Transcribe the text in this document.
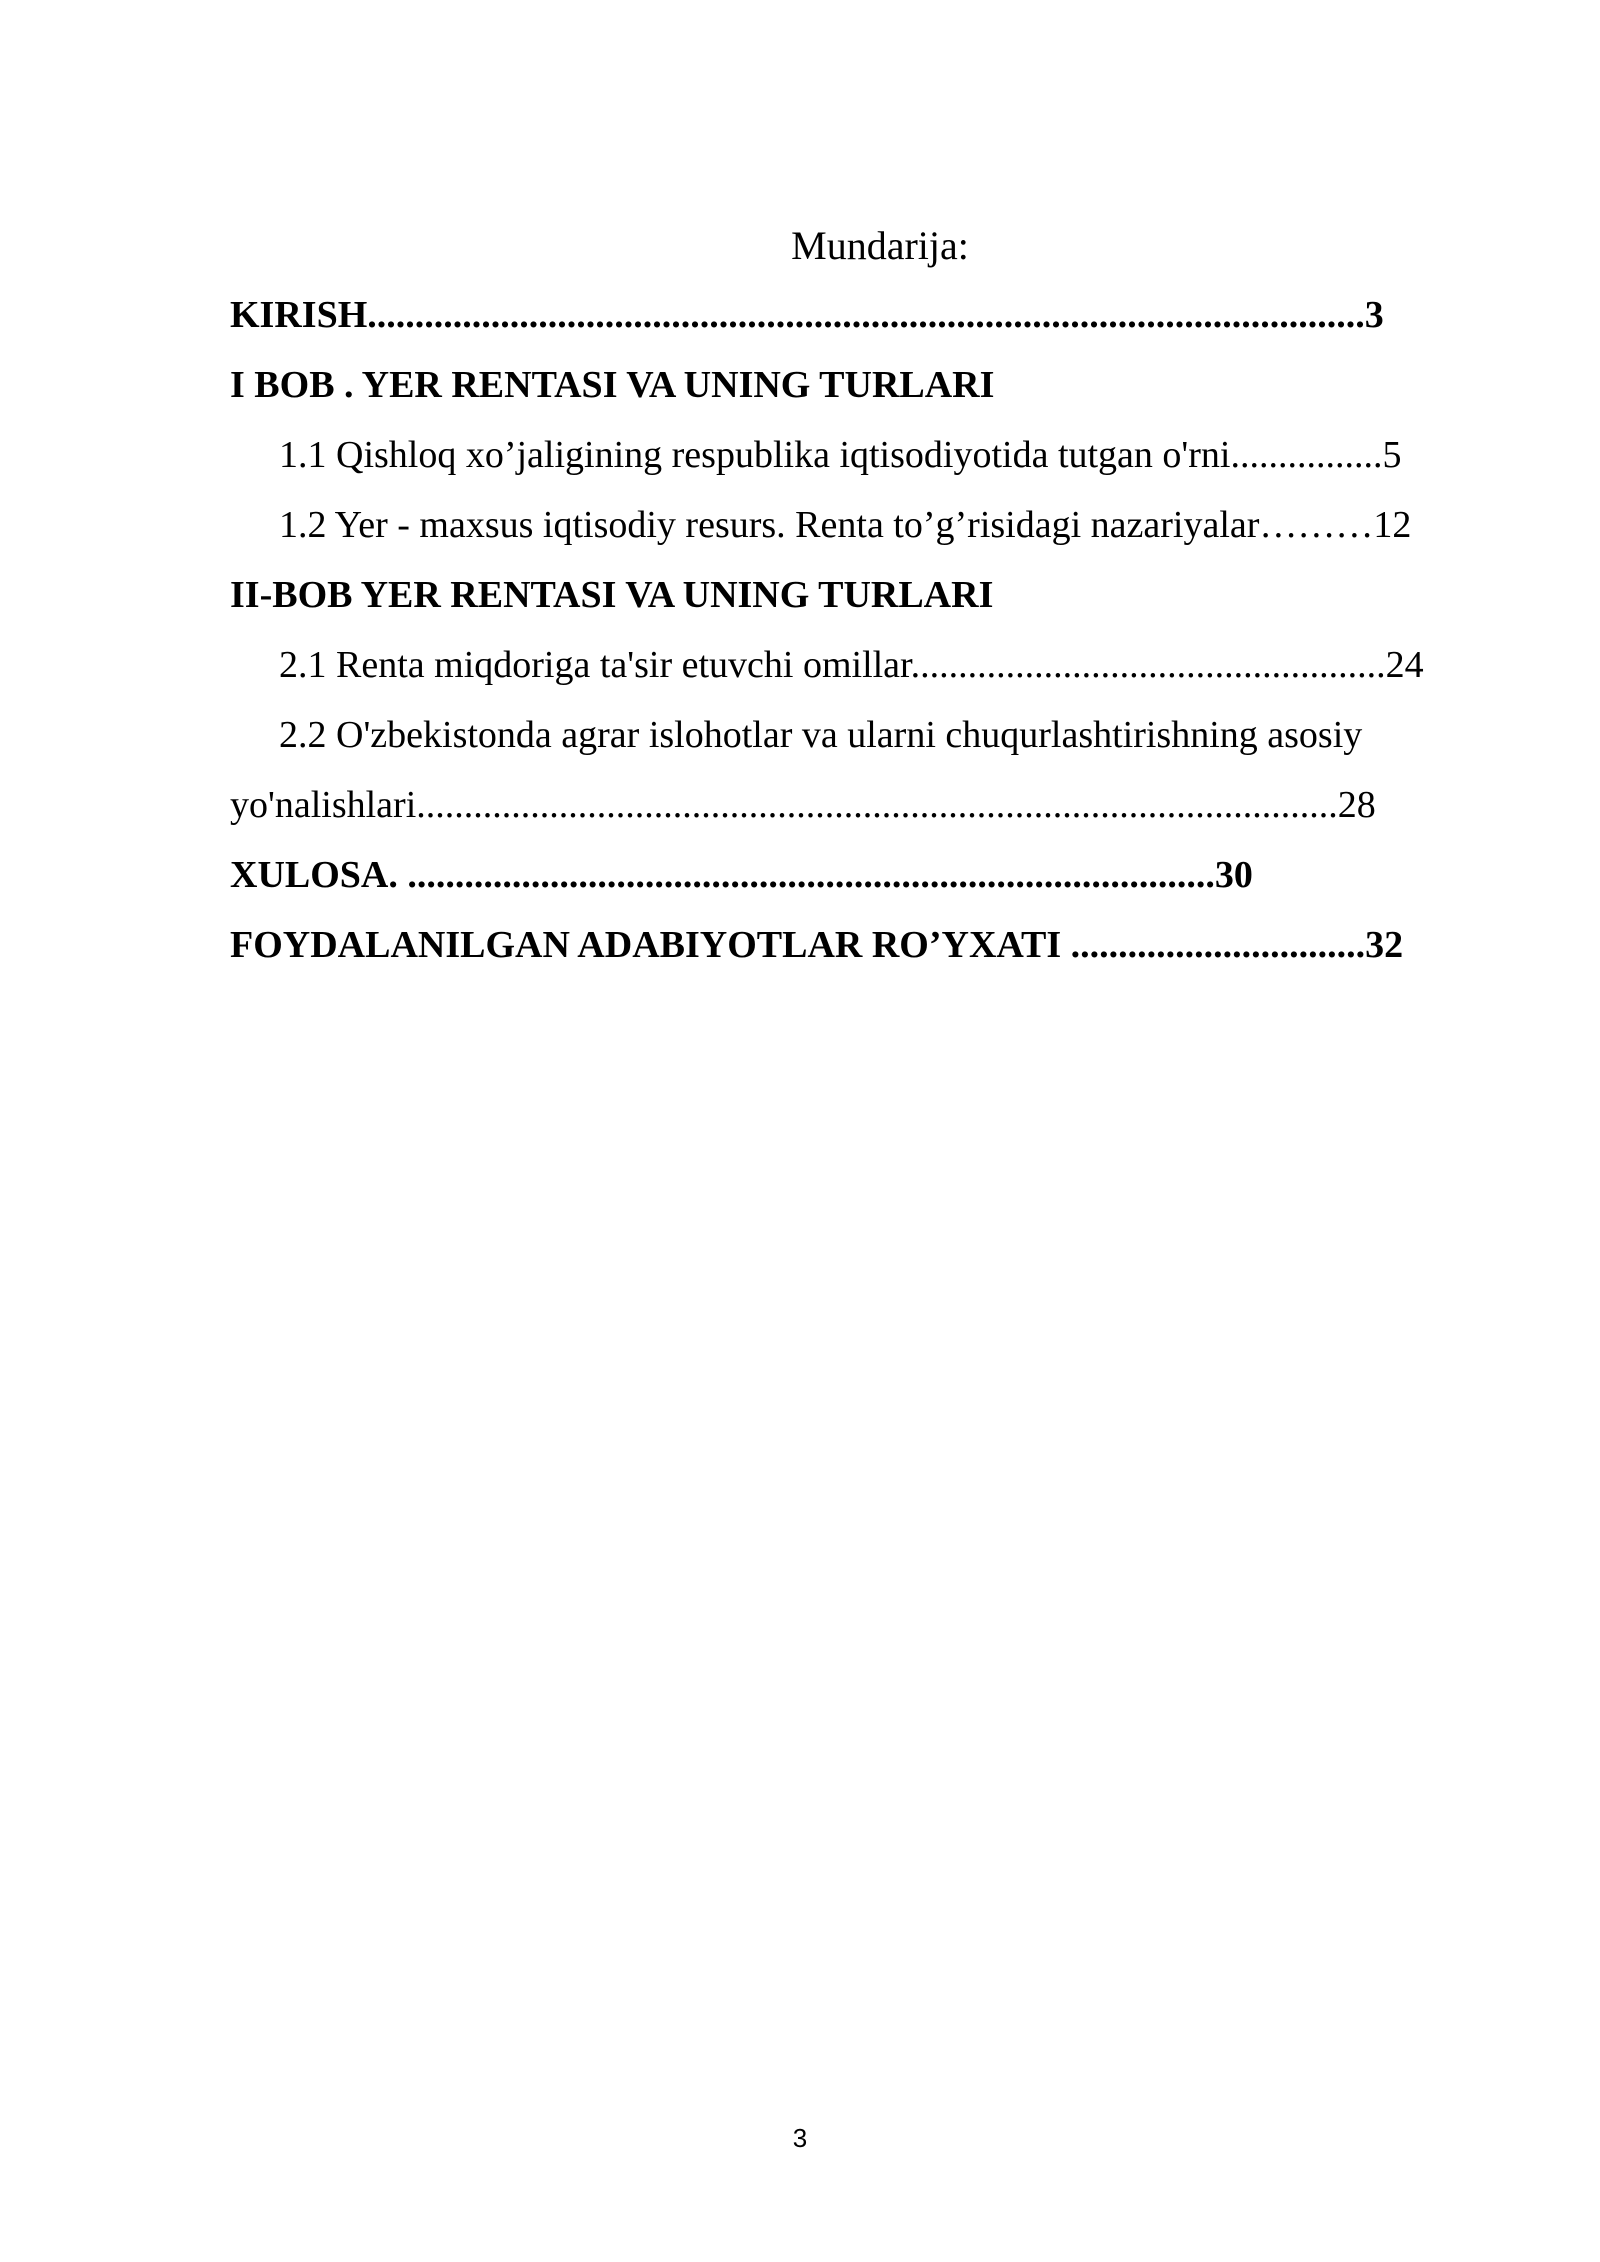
Mundarija:
KIRISH.........................................................................................................3
I BOB . YER RENTASI VA UNING TURLARI
1.1 Qishloq xo’jaligining respublika iqtisodiyotida tutgan o'rni................5
1.2 Yer - maxsus iqtisodiy resurs. Renta to’g’risidagi nazariyalar………12
II-BOB YER RENTASI VA UNING TURLARI
2.1 Renta miqdoriga ta'sir etuvchi omillar..................................................24
2.2 O'zbekistonda agrar islohotlar va ularni chuqurlashtirishning asosiy
yo'nalishlari.................................................................................................28
XULOSA. .....................................................................................30
FOYDALANILGAN ADABIYOTLAR RO’YXATI ...............................32
3
